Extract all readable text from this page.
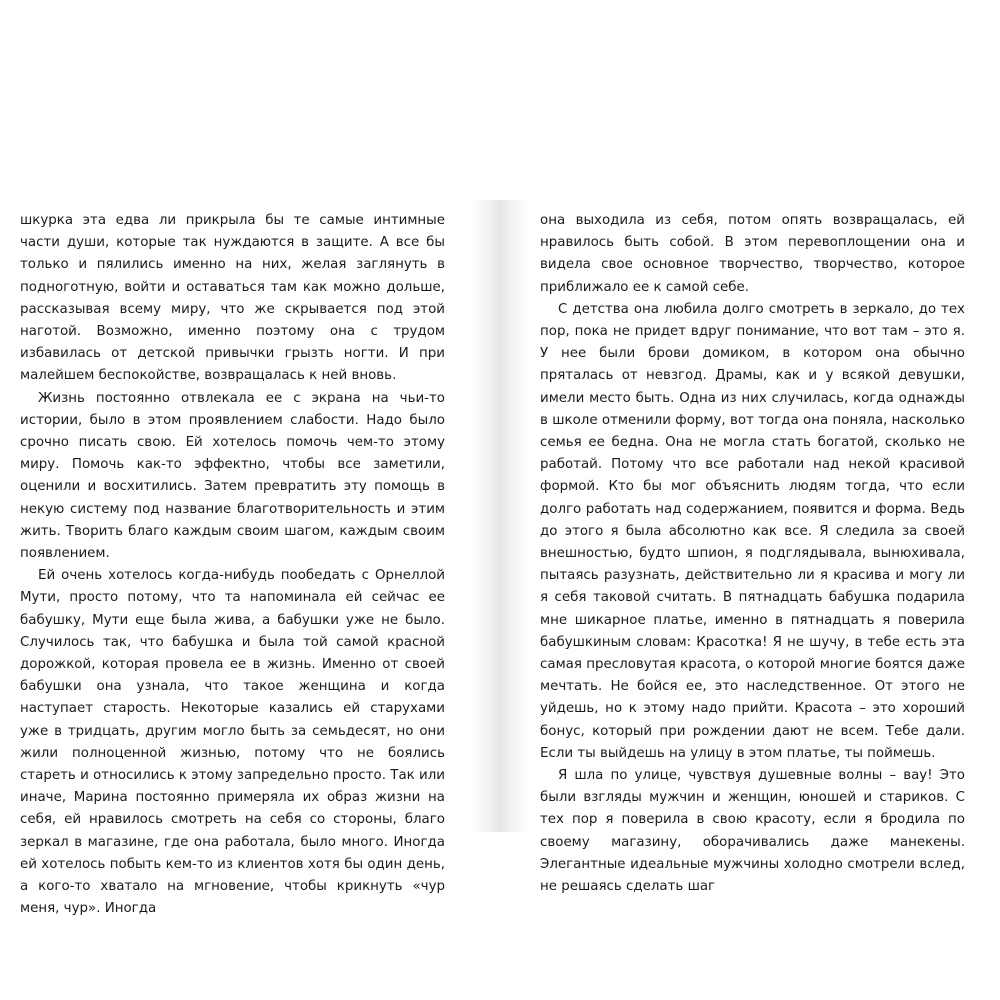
шкурка эта едва ли прикрыла бы те самые интимные части души, которые так нуждаются в защите. А все бы только и пялились именно на них, желая заглянуть в подноготную, войти и оставаться там как можно дольше, рассказывая всему миру, что же скрывается под этой наготой. Возможно, именно поэтому она с трудом избавилась от детской привычки грызть ногти. И при малейшем беспокойстве, возвращалась к ней вновь.

Жизнь постоянно отвлекала ее с экрана на чьи-то истории, было в этом проявлением слабости. Надо было срочно писать свою. Ей хотелось помочь чем-то этому миру. Помочь как-то эффектно, чтобы все заметили, оценили и восхитились. Затем превратить эту помощь в некую систему под название благотворительность и этим жить. Творить благо каждым своим шагом, каждым своим появлением.

Ей очень хотелось когда-нибудь пообедать с Орнеллой Мути, просто потому, что та напоминала ей сейчас ее бабушку, Мути еще была жива, а бабушки уже не было. Случилось так, что бабушка и была той самой красной дорожкой, которая провела ее в жизнь. Именно от своей бабушки она узнала, что такое женщина и когда наступает старость. Некоторые казались ей старухами уже в тридцать, другим могло быть за семьдесят, но они жили полноценной жизнью, потому что не боялись стареть и относились к этому запредельно просто. Так или иначе, Марина постоянно примеряла их образ жизни на себя, ей нравилось смотреть на себя со стороны, благо зеркал в магазине, где она работала, было много. Иногда ей хотелось побыть кем-то из клиентов хотя бы один день, а кого-то хватало на мгновение, чтобы крикнуть «чур меня, чур». Иногда

она выходила из себя, потом опять возвращалась, ей нравилось быть собой. В этом перевоплощении она и видела свое основное творчество, творчество, которое приближало ее к самой себе.

С детства она любила долго смотреть в зеркало, до тех пор, пока не придет вдруг понимание, что вот там – это я. У нее были брови домиком, в котором она обычно пряталась от невзгод. Драмы, как и у всякой девушки, имели место быть. Одна из них случилась, когда однажды в школе отменили форму, вот тогда она поняла, насколько семья ее бедна. Она не могла стать богатой, сколько не работай. Потому что все работали над некой красивой формой. Кто бы мог объяснить людям тогда, что если долго работать над содержанием, появится и форма. Ведь до этого я была абсолютно как все. Я следила за своей внешностью, будто шпион, я подглядывала, вынюхивала, пытаясь разузнать, действительно ли я красива и могу ли я себя таковой считать. В пятнадцать бабушка подарила мне шикарное платье, именно в пятнадцать я поверила бабушкиным словам: Красотка! Я не шучу, в тебе есть эта самая пресловутая красота, о которой многие боятся даже мечтать. Не бойся ее, это наследственное. От этого не уйдешь, но к этому надо прийти. Красота – это хороший бонус, который при рождении дают не всем. Тебе дали. Если ты выйдешь на улицу в этом платье, ты поймешь.

Я шла по улице, чувствуя душевные волны – вау! Это были взгляды мужчин и женщин, юношей и стариков. С тех пор я поверила в свою красоту, если я бродила по своему магазину, оборачивались даже манекены. Элегантные идеальные мужчины холодно смотрели вслед, не решаясь сделать шаг
